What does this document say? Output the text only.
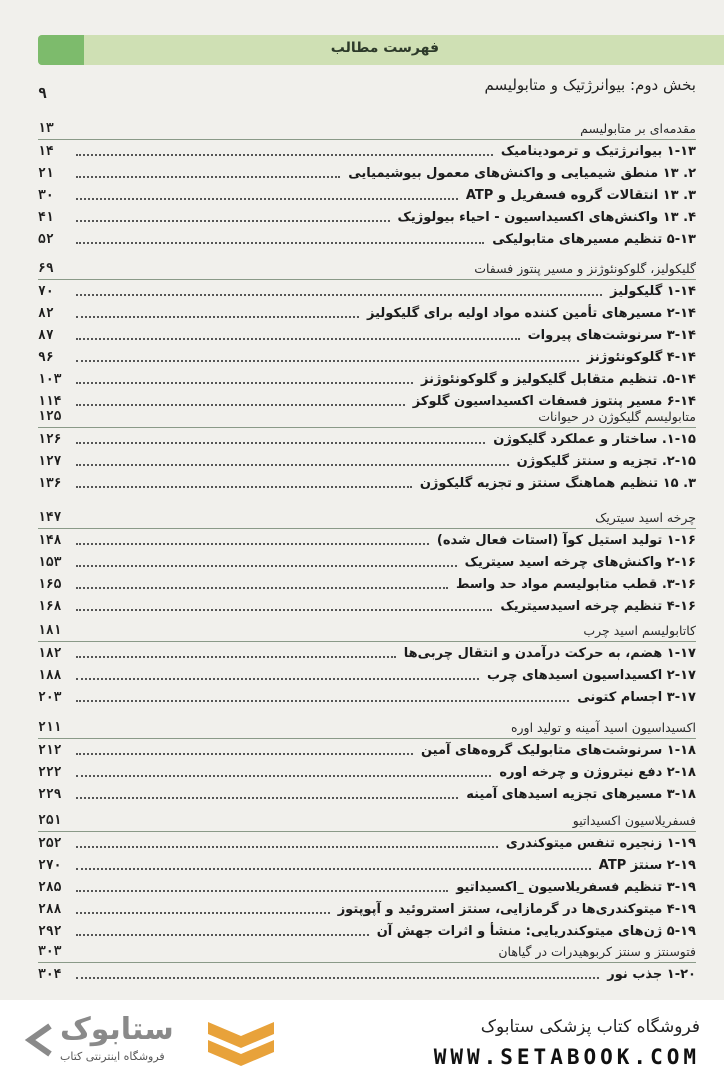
فهرست مطالب
بخش دوم: بیوانرژتیک و متابولیسم
۹
مقدمه‌ای بر متابولیسم
۱۳
۱-۱۳ بیوانرژتیک و ترمودینامیک
۱۴
۲. ۱۳ منطق شیمیایی و واکنش‌های معمول بیوشیمیایی
۲۱
۳. ۱۳ انتقالات گروه فسفریل و ATP
۳۰
۴. ۱۳ واکنش‌های اکسیداسیون - احیاء بیولوژیک
۴۱
۵-۱۳ تنظیم مسیرهای متابولیکی
۵۲
گلیکولیز، گلوکونئوژنز و مسیر پنتوز فسفات
۶۹
۱-۱۴ گلیکولیز
۷۰
۲-۱۴ مسیرهای تأمین کننده مواد اولیه برای گلیکولیز
۸۲
۳-۱۴ سرنوشت‌های پیروات
۸۷
۴-۱۴ گلوکونئوژنز
۹۶
۵-۱۴. تنظیم متقابل گلیکولیز و گلوکونئوژنز
۱۰۳
۶-۱۴ مسیر پنتوز فسفات اکسیداسیون گلوکز
۱۱۴
متابولیسم گلیکوژن در حیوانات
۱۲۵
۱-۱۵. ساختار و عملکرد گلیکوژن
۱۲۶
۲-۱۵. تجزیه و سنتز گلیکوژن
۱۲۷
۳. ۱۵ تنظیم هماهنگ سنتز و تجزیه گلیکوژن
۱۳۶
چرخه اسید سیتریک
۱۴۷
۱-۱۶ تولید استیل کوآ (استات فعال شده)
۱۴۸
۲-۱۶ واکنش‌های چرخه اسید سیتریک
۱۵۳
۳-۱۶. قطب متابولیسم مواد حد واسط
۱۶۵
۴-۱۶ تنظیم چرخه اسیدسیتریک
۱۶۸
کاتابولیسم اسید چرب
۱۸۱
۱-۱۷ هضم، به حرکت درآمدن و انتقال چربی‌ها
۱۸۲
۲-۱۷ اکسیداسیون اسیدهای چرب
۱۸۸
۳-۱۷ اجسام کتونی
۲۰۳
اکسیداسیون اسید آمینه و تولید اوره
۲۱۱
۱-۱۸ سرنوشت‌های متابولیک گروه‌های آمین
۲۱۲
۲-۱۸ دفع نیتروژن و چرخه اوره
۲۲۲
۳-۱۸ مسیرهای تجزیه اسیدهای آمینه
۲۲۹
فسفریلاسیون اکسیداتیو
۲۵۱
۱-۱۹ زنجیره تنفس میتوکندری
۲۵۲
۲-۱۹ سنتز ATP
۲۷۰
۳-۱۹ تنظیم فسفریلاسیون _اکسیداتیو
۲۸۵
۴-۱۹ میتوکندری‌ها در گرمازایی، سنتز استروئید و آپوپتوز
۲۸۸
۵-۱۹ ژن‌های میتوکندریایی: منشأ و اثرات جهش آن
۲۹۲
فتوسنتز و سنتز کربوهیدرات در گیاهان
۳۰۳
۱-۲۰ جذب نور
۳۰۴
ستابوک
فروشگاه اینترنتی کتاب
فروشگاه کتاب پزشکی ستابوک
WWW.SETABOOK.COM
